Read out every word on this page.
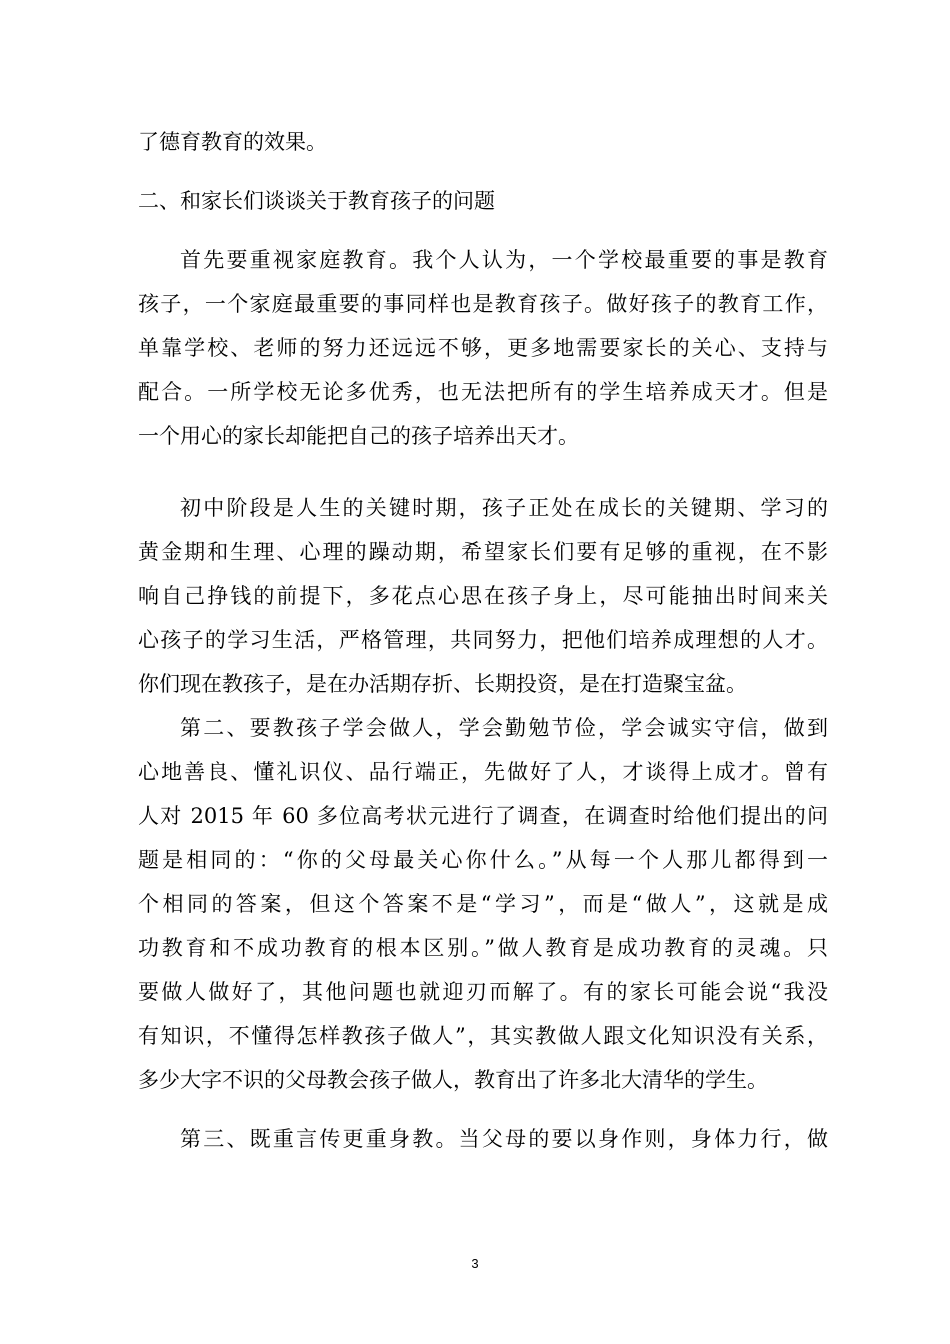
了德育教育的效果。
二、和家长们谈谈关于教育孩子的问题
首先要重视家庭教育。我个人认为，一个学校最重要的事是教育
孩子，一个家庭最重要的事同样也是教育孩子。做好孩子的教育工作，
单靠学校、老师的努力还远远不够，更多地需要家长的关心、支持与
配合。一所学校无论多优秀，也无法把所有的学生培养成天才。但是
一个用心的家长却能把自己的孩子培养出天才。
初中阶段是人生的关键时期，孩子正处在成长的关键期、学习的
黄金期和生理、心理的躁动期，希望家长们要有足够的重视，在不影
响自己挣钱的前提下，多花点心思在孩子身上，尽可能抽出时间来关
心孩子的学习生活，严格管理，共同努力，把他们培养成理想的人才。
你们现在教孩子，是在办活期存折、长期投资，是在打造聚宝盆。
第二、要教孩子学会做人，学会勤勉节俭，学会诚实守信，做到
心地善良、懂礼识仪、品行端正，先做好了人，才谈得上成才。曾有
人对 2015 年 60 多位高考状元进行了调查，在调查时给他们提出的问
题是相同的：“你的父母最关心你什么。”从每一个人那儿都得到一
个相同的答案，但这个答案不是“学习”，而是“做人”，这就是成
功教育和不成功教育的根本区别。”做人教育是成功教育的灵魂。只
要做人做好了，其他问题也就迎刃而解了。有的家长可能会说“我没
有知识，不懂得怎样教孩子做人”，其实教做人跟文化知识没有关系，
多少大字不识的父母教会孩子做人，教育出了许多北大清华的学生。
第三、既重言传更重身教。当父母的要以身作则，身体力行，做
3
